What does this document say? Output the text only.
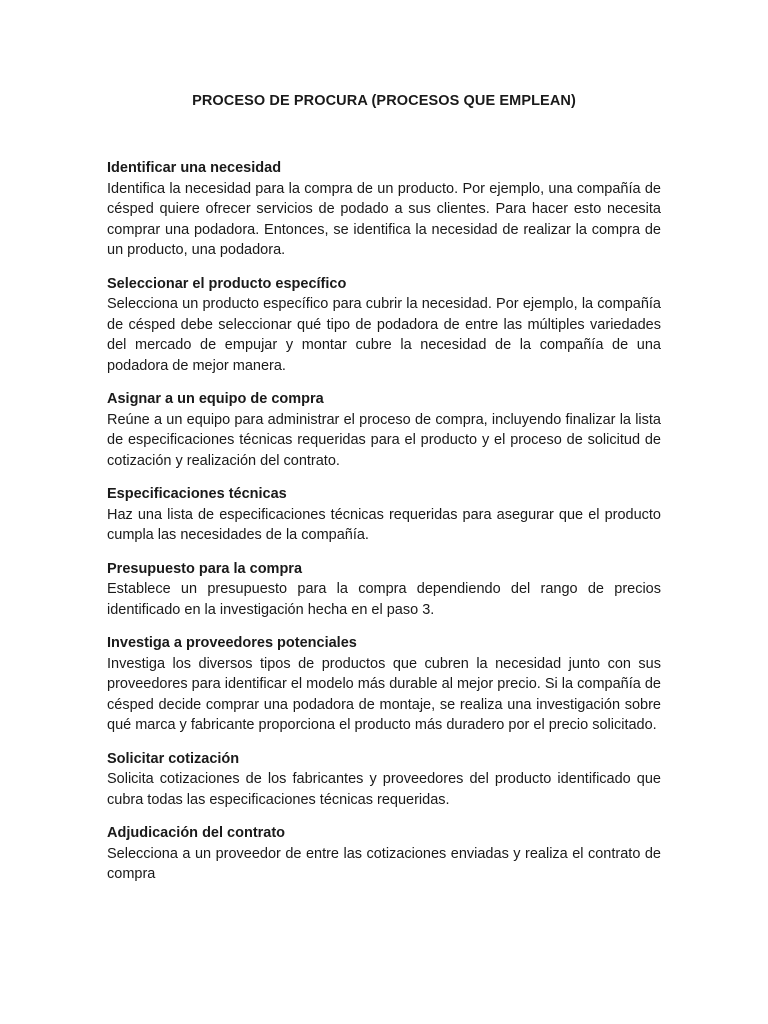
PROCESO DE PROCURA (PROCESOS QUE EMPLEAN)

Identificar una necesidad

Identifica la necesidad para la compra de un producto. Por ejemplo, una compañía de césped quiere ofrecer servicios de podado a sus clientes. Para hacer esto necesita comprar una podadora. Entonces, se identifica la necesidad de realizar la compra de un producto, una podadora.

Seleccionar el producto específico

Selecciona un producto específico para cubrir la necesidad. Por ejemplo, la compañía de césped debe seleccionar qué tipo de podadora de entre las múltiples variedades del mercado de empujar y montar cubre la necesidad de la compañía de una podadora de mejor manera.

Asignar a un equipo de compra

Reúne a un equipo para administrar el proceso de compra, incluyendo finalizar la lista de especificaciones técnicas requeridas para el producto y el proceso de solicitud de cotización y realización del contrato.

Especificaciones técnicas

Haz una lista de especificaciones técnicas requeridas para asegurar que el producto cumpla las necesidades de la compañía.

Presupuesto para la compra

Establece un presupuesto para la compra dependiendo del rango de precios identificado en la investigación hecha en el paso 3.

Investiga a proveedores potenciales

Investiga los diversos tipos de productos que cubren la necesidad junto con sus proveedores para identificar el modelo más durable al mejor precio. Si la compañía de césped decide comprar una podadora de montaje, se realiza una investigación sobre qué marca y fabricante proporciona el producto más duradero por el precio solicitado.

Solicitar cotización

Solicita cotizaciones de los fabricantes y proveedores del producto identificado que cubra todas las especificaciones técnicas requeridas.

Adjudicación del contrato

Selecciona a un proveedor de entre las cotizaciones enviadas y realiza el contrato de compra
